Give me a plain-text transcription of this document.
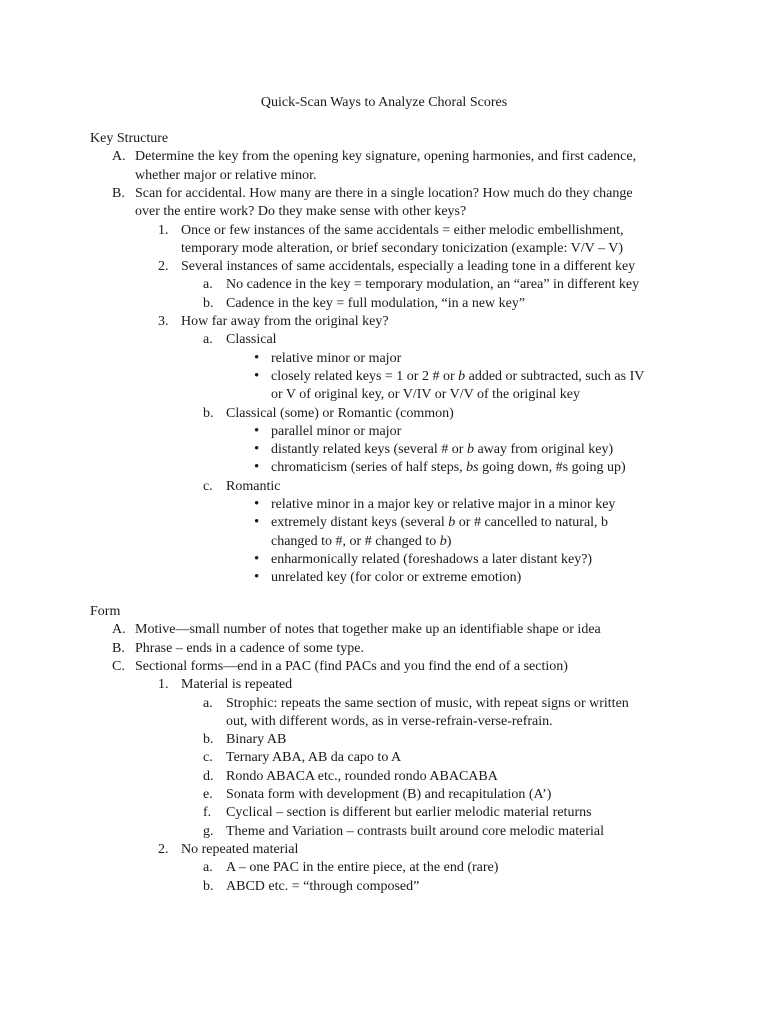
Quick-Scan Ways to Analyze Choral Scores
Key Structure
A. Determine the key from the opening key signature, opening harmonies, and first cadence,
whether major or relative minor.
B. Scan for accidental. How many are there in a single location? How much do they change
over the entire work? Do they make sense with other keys?
1. Once or few instances of the same accidentals = either melodic embellishment,
temporary mode alteration, or brief secondary tonicization (example: V/V – V)
2. Several instances of same accidentals, especially a leading tone in a different key
a. No cadence in the key = temporary modulation, an “area” in different key
b. Cadence in the key = full modulation, “in a new key”
3. How far away from the original key?
a. Classical
• relative minor or major
• closely related keys = 1 or 2 # or b added or subtracted, such as IV
or V of original key, or V/IV or V/V of the original key
b. Classical (some) or Romantic (common)
• parallel minor or major
• distantly related keys (several # or b away from original key)
• chromaticism (series of half steps, bs going down, #s going up)
c. Romantic
• relative minor in a major key or relative major in a minor key
• extremely distant keys (several b or # cancelled to natural, b
changed to #, or # changed to b)
• enharmonically related (foreshadows a later distant key?)
• unrelated key (for color or extreme emotion)
Form
A. Motive—small number of notes that together make up an identifiable shape or idea
B. Phrase – ends in a cadence of some type.
C. Sectional forms—end in a PAC (find PACs and you find the end of a section)
1. Material is repeated
a. Strophic: repeats the same section of music, with repeat signs or written
out, with different words, as in verse-refrain-verse-refrain.
b. Binary AB
c. Ternary ABA, AB da capo to A
d. Rondo ABACA etc., rounded rondo ABACABA
e. Sonata form with development (B) and recapitulation (A’)
f. Cyclical – section is different but earlier melodic material returns
g. Theme and Variation – contrasts built around core melodic material
2. No repeated material
a. A – one PAC in the entire piece, at the end (rare)
b. ABCD etc. = “through composed”
